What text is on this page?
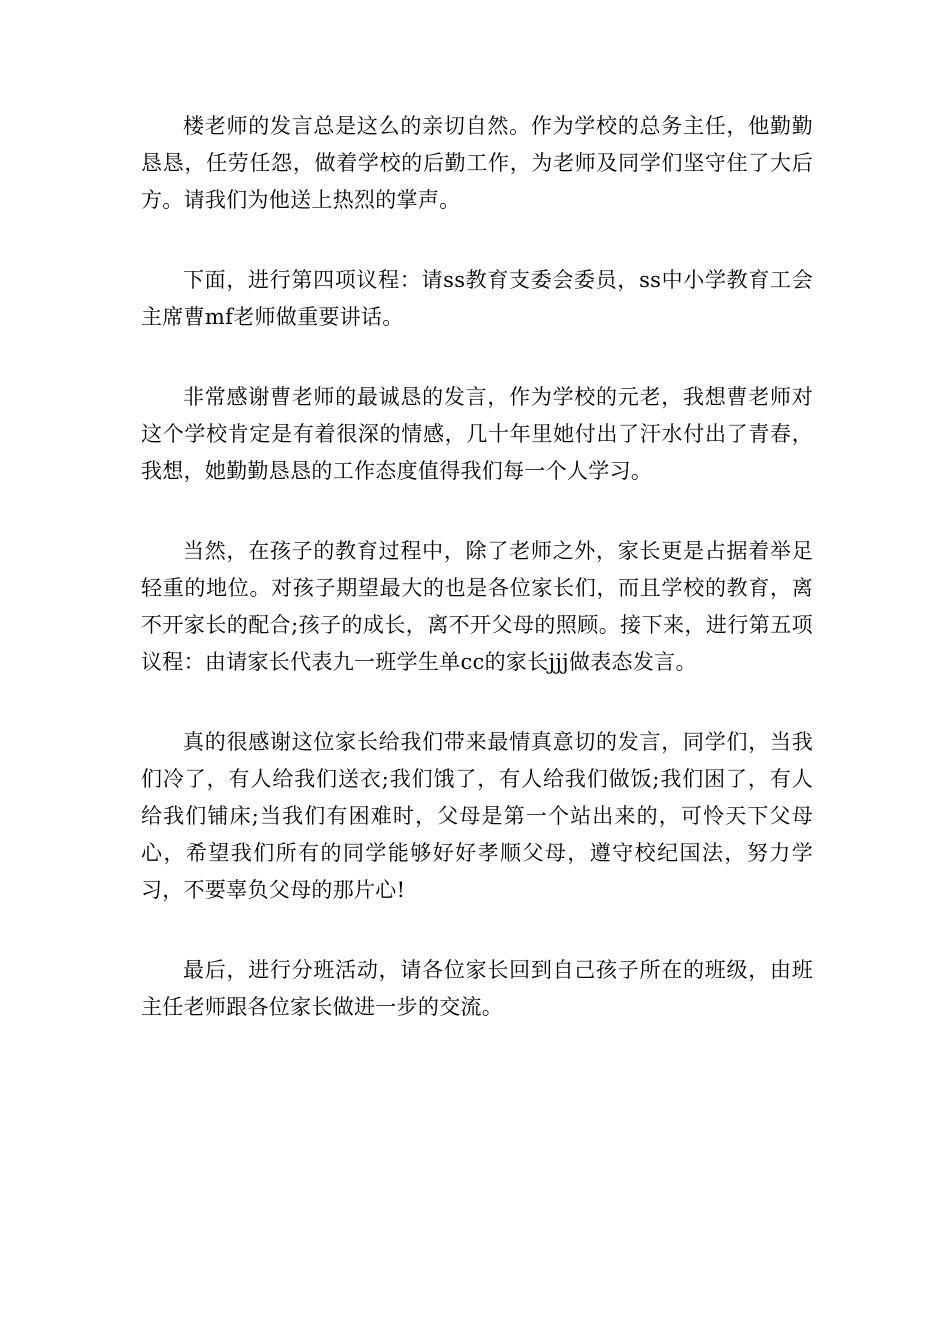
楼老师的发言总是这么的亲切自然。作为学校的总务主任，他勤勤恳恳，任劳任怨，做着学校的后勤工作，为老师及同学们坚守住了大后方。请我们为他送上热烈的掌声。

下面，进行第四项议程：请ss教育支委会委员，ss中小学教育工会主席曹mf老师做重要讲话。

非常感谢曹老师的最诚恳的发言，作为学校的元老，我想曹老师对这个学校肯定是有着很深的情感，几十年里她付出了汗水付出了青春，我想，她勤勤恳恳的工作态度值得我们每一个人学习。

当然，在孩子的教育过程中，除了老师之外，家长更是占据着举足轻重的地位。对孩子期望最大的也是各位家长们，而且学校的教育，离不开家长的配合;孩子的成长，离不开父母的照顾。接下来，进行第五项议程：由请家长代表九一班学生单cc的家长jjj做表态发言。

真的很感谢这位家长给我们带来最情真意切的发言，同学们，当我们冷了，有人给我们送衣;我们饿了，有人给我们做饭;我们困了，有人给我们铺床;当我们有困难时，父母是第一个站出来的，可怜天下父母心，希望我们所有的同学能够好好孝顺父母，遵守校纪国法，努力学习，不要辜负父母的那片心!

最后，进行分班活动，请各位家长回到自己孩子所在的班级，由班主任老师跟各位家长做进一步的交流。
